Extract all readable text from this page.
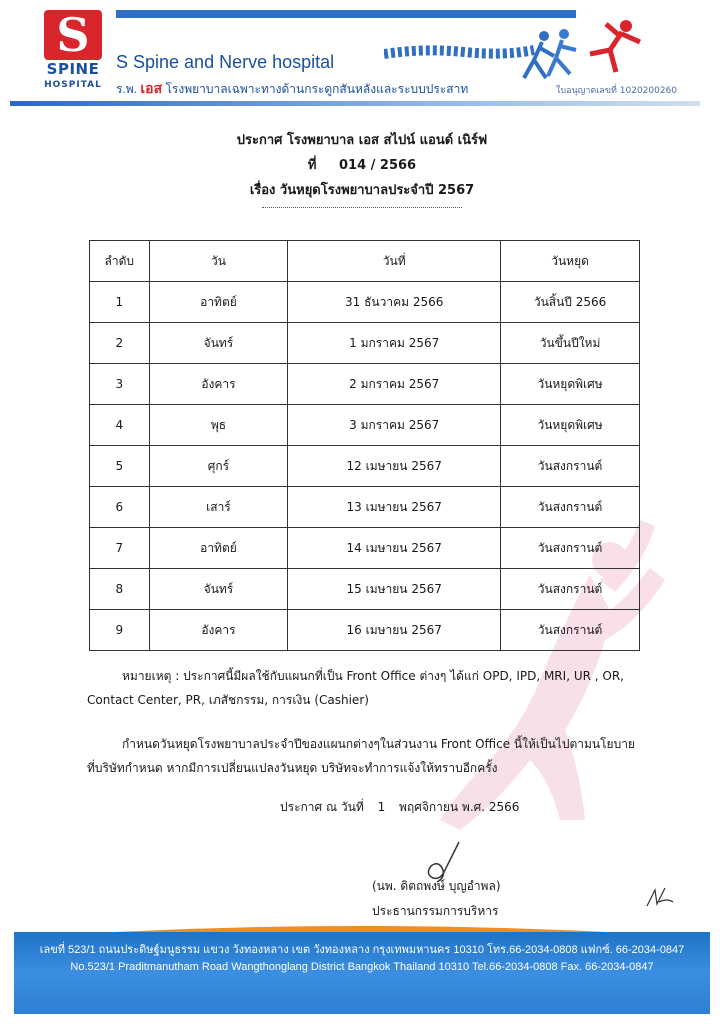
S
SPINE
HOSPITAL
S Spine and Nerve hospital
ร.พ. เอส โรงพยาบาลเฉพาะทางด้านกระดูกสันหลังและระบบประสาท	ใบอนุญาตเลขที่ 1020200260
ประกาศ โรงพยาบาล เอส สไปน์ แอนด์ เนิร์ฟ
ที่ 014 / 2566
เรื่อง วันหยุดโรงพยาบาลประจำปี 2567
ลำดับ	วัน	วันที่	วันหยุด
1	อาทิตย์	31 ธันวาคม 2566	วันสิ้นปี 2566
2	จันทร์	1 มกราคม 2567	วันขึ้นปีใหม่
3	อังคาร	2 มกราคม 2567	วันหยุดพิเศษ
4	พุธ	3 มกราคม 2567	วันหยุดพิเศษ
5	ศุกร์	12 เมษายน 2567	วันสงกรานต์
6	เสาร์	13 เมษายน 2567	วันสงกรานต์
7	อาทิตย์	14 เมษายน 2567	วันสงกรานต์
8	จันทร์	15 เมษายน 2567	วันสงกรานต์
9	อังคาร	16 เมษายน 2567	วันสงกรานต์
หมายเหตุ : ประกาศนี้มีผลใช้กับแผนกที่เป็น Front Office ต่างๆ ได้แก่ OPD, IPD, MRI, UR , OR,
Contact Center, PR, เภสัชกรรม, การเงิน (Cashier)
กำหนดวันหยุดโรงพยาบาลประจำปีของแผนกต่างๆในส่วนงาน Front Office นี้ให้เป็นไปตามนโยบาย
ที่บริษัทกำหนด หากมีการเปลี่ยนแปลงวันหยุด บริษัทจะทำการแจ้งให้ทราบอีกครั้ง
ประกาศ ณ วันที่ 1 พฤศจิกายน พ.ศ. 2566
(นพ. ดิตถพงษ์ บุญอำพล)
ประธานกรรมการบริหาร
เลขที่ 523/1 ถนนประดิษฐ์มนูธรรม แขวง วังทองหลาง เขต วังทองหลาง กรุงเทพมหานคร 10310 โทร.66-2034-0808 แฟกซ์. 66-2034-0847
No.523/1 Praditmanutham Road Wangthonglang District Bangkok Thailand 10310 Tel.66-2034-0808 Fax. 66-2034-0847
